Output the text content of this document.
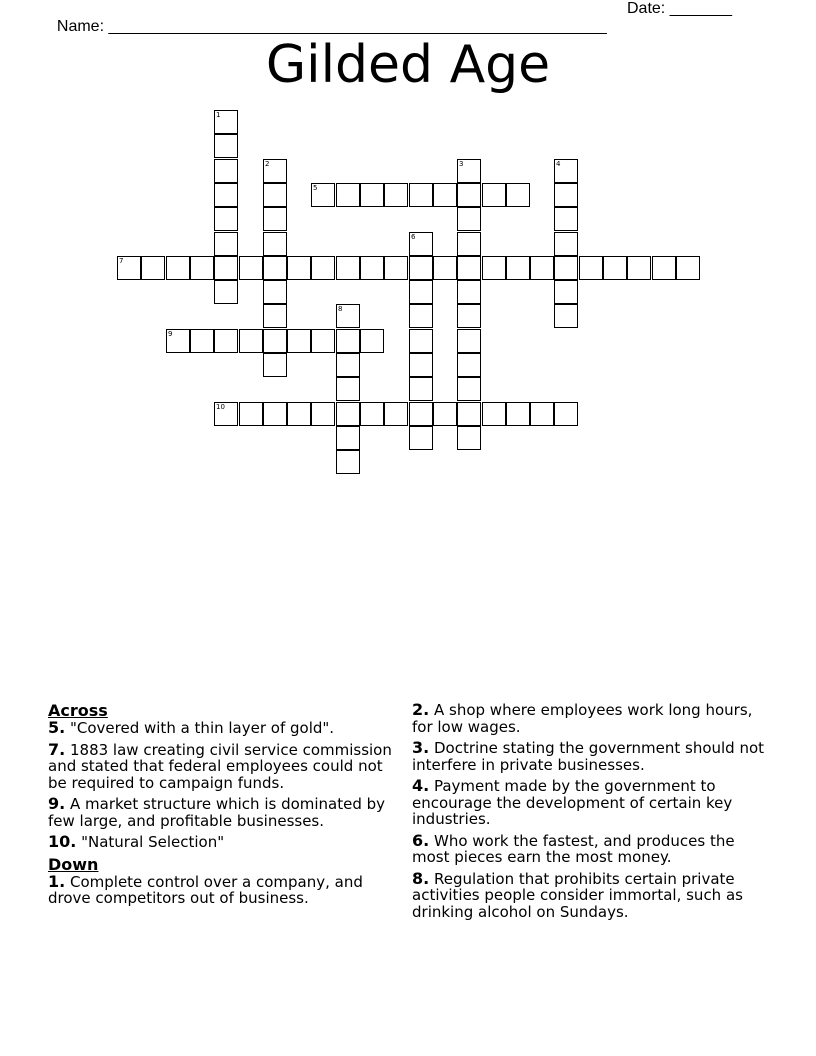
Name: ________________________________________________________

Date: _______

Gilded Age
1
2	3	4
5
6
7
8
9
10
Across
5. "Covered with a thin layer of gold".
7. 1883 law creating civil service commission and stated that federal employees could not be required to campaign funds.
9. A market structure which is dominated by few large, and profitable businesses.
10. "Natural Selection"
Down
1. Complete control over a company, and drove competitors out of business.
2. A shop where employees work long hours, for low wages.
3. Doctrine stating the government should not interfere in private businesses.
4. Payment made by the government to encourage the development of certain key industries.
6. Who work the fastest, and produces the most pieces earn the most money.
8. Regulation that prohibits certain private activities people consider immortal, such as drinking alcohol on Sundays.
